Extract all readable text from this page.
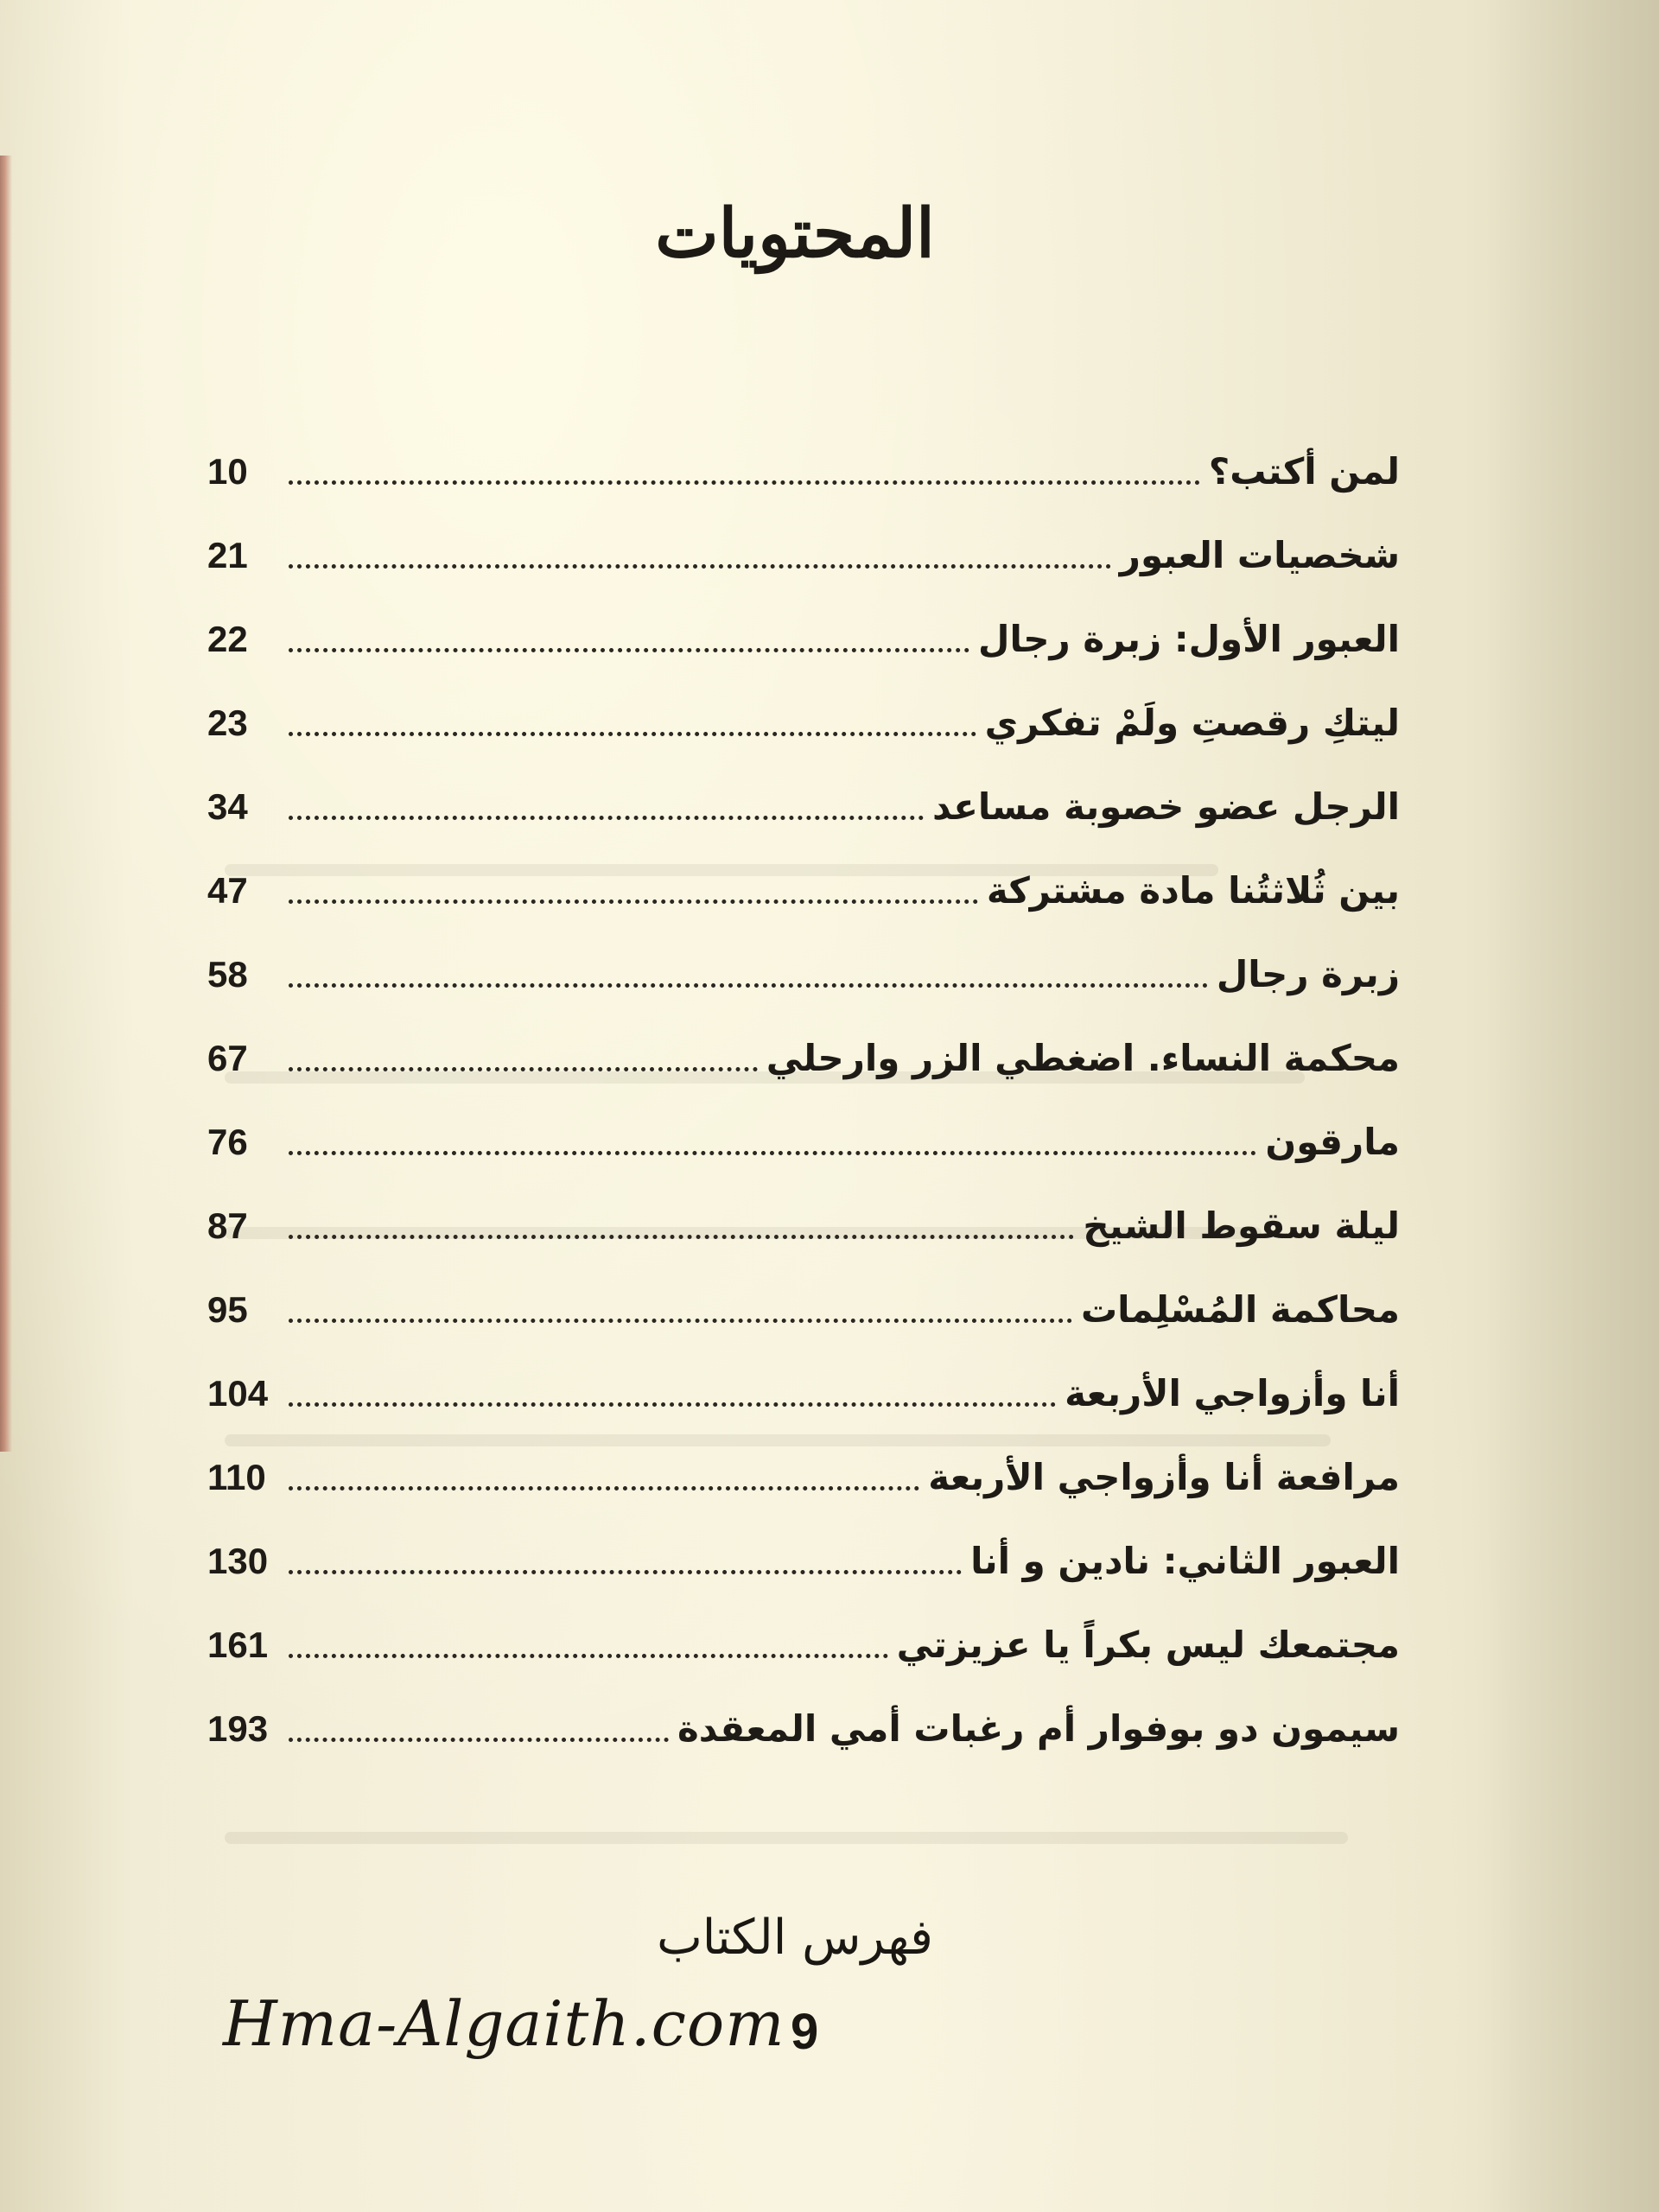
المحتويات
لمن أكتب؟
10
شخصيات العبور
21
العبور الأول: زبرة رجال
22
ليتكِ رقصتِ ولَمْ تفكري
23
الرجل عضو خصوبة مساعد
34
بين ثُلاثتُنا مادة مشتركة
47
زبرة رجال
58
محكمة النساء. اضغطي الزر وارحلي
67
مارقون
76
ليلة سقوط الشيخ
87
محاكمة المُسْلِمات
95
أنا وأزواجي الأربعة
104
مرافعة أنا وأزواجي الأربعة
110
العبور الثاني: نادين و أنا
130
مجتمعك ليس بكراً يا عزيزتي
161
سيمون دو بوفوار أم رغبات أمي المعقدة
193
فهرس الكتاب
Hma-Algaith.com 9
